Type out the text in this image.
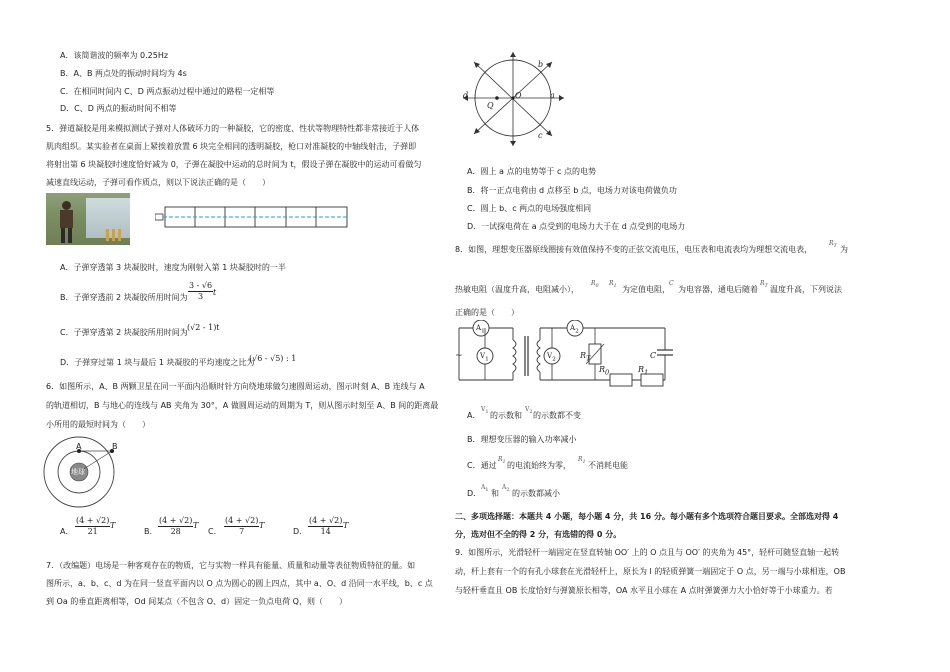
A．该简谐波的频率为 0.25Hz
B．A、B 两点处的振动时间均为 4s
C．在相同时间内 C、D 两点振动过程中通过的路程一定相等
D．C、D 两点的振动时间不相等
5．弹道凝胶是用来模拟测试子弹对人体破坏力的一种凝胶，它的密度、性状等物理特性都非常接近于人体
肌肉组织。某实验者在桌面上紧挨着放置 6 块完全相同的透明凝胶，枪口对准凝胶的中轴线射击，子弹即
将射出第 6 块凝胶时速度恰好减为 0，子弹在凝胶中运动的总时间为 t，假设子弹在凝胶中的运动可看做匀
减速直线运动，子弹可看作质点，则以下说法正确的是（　　）
A．子弹穿透第 3 块凝胶时，速度为刚射入第 1 块凝胶时的一半
B．子弹穿透前 2 块凝胶所用时间为 $\frac{3 - √6}{3}$ t
C．子弹穿透第 2 块凝胶所用时间为
(√2 - 1)t
D．子弹穿过第 1 块与最后 1 块凝胶的平均速度之比为
(√6 - √5) : 1
6．如图所示，A、B 两颗卫星在同一平面内沿顺时针方向绕地球做匀速圆周运动，图示时刻 A、B 连线与 A
的轨道相切，B 与地心的连线与 AB 夹角为 30°，A 做圆周运动的周期为 T，则从图示时刻至 A、B 间的距离最
小所用的最短时间为（　　）
地球
A	B
A． $\frac{(4 + √2)}{21}$ T
B． $\frac{(4 + √2)}{28}$ T
C． $\frac{(4 + √2)}{7}$ T
D． $\frac{(4 + √2)}{14}$ T
7．（改编题）电场是一种客观存在的物质，它与实物一样具有能量、质量和动量等表征物质特征的量。如
图所示，a、b、c、d 为在同一竖直平面内以 O 点为圆心的圆上四点，其中 a、O、d 沿同一水平线，b、c 点
到 Oa 的垂直距离相等，Od 间某点（不包含 O、d）固定一负点电荷 Q，则（　　）
b
c
a
d	O
Q
A．圆上 a 点的电势等于 c 点的电势
B．将一正点电荷由 d 点移至 b 点，电场力对该电荷做负功
C．圆上 b、c 两点的电场强度相同
D．一试探电荷在 a 点受到的电场力大于在 d 点受到的电场力
8．如图，理想变压器原线圈接有效值保持不变的正弦交流电压，电压表和电流表均为理想交流电表，
$R_T$ 为
热敏电阻（温度升高，电阻减小），
$R_0$ $R_1$ 为定值电阻，
C
为电容器，通电后随着
$R_T$ 温度升高，下列说法
正确的是（　　）
$A_1$
$V_1$
$A_2$
$V_2$	$R_T$
$R_0$	$R_1$
C
~
A．
$V_1$ 的示数和
$V_2$ 的示数都不变
B．理想变压器的输入功率减小
C．通过
$R_1$ 的电流始终为零，
$R_1$ 不消耗电能
D．
$A_1$ 和
$A_2$ 的示数都减小
二、多项选择题：本题共 4 小题，每小题 4 分，共 16 分。每小题有多个选项符合题目要求。全部选对得 4
分，选对但不全的得 2 分，有选错的得 0 分。
9．如图所示，光滑轻杆一端固定在竖直转轴 OO′ 上的 O 点且与 OO′ 的夹角为 45°，轻杆可随竖直轴一起转
动，杆上套有一个的有孔小球套在光滑轻杆上，原长为 l 的轻质弹簧一端固定于 O 点，另一端与小球相连，OB
与轻杆垂直且 OB 长度恰好与弹簧原长相等，OA 水平且小球在 A 点时弹簧弹力大小恰好等于小球重力。若
